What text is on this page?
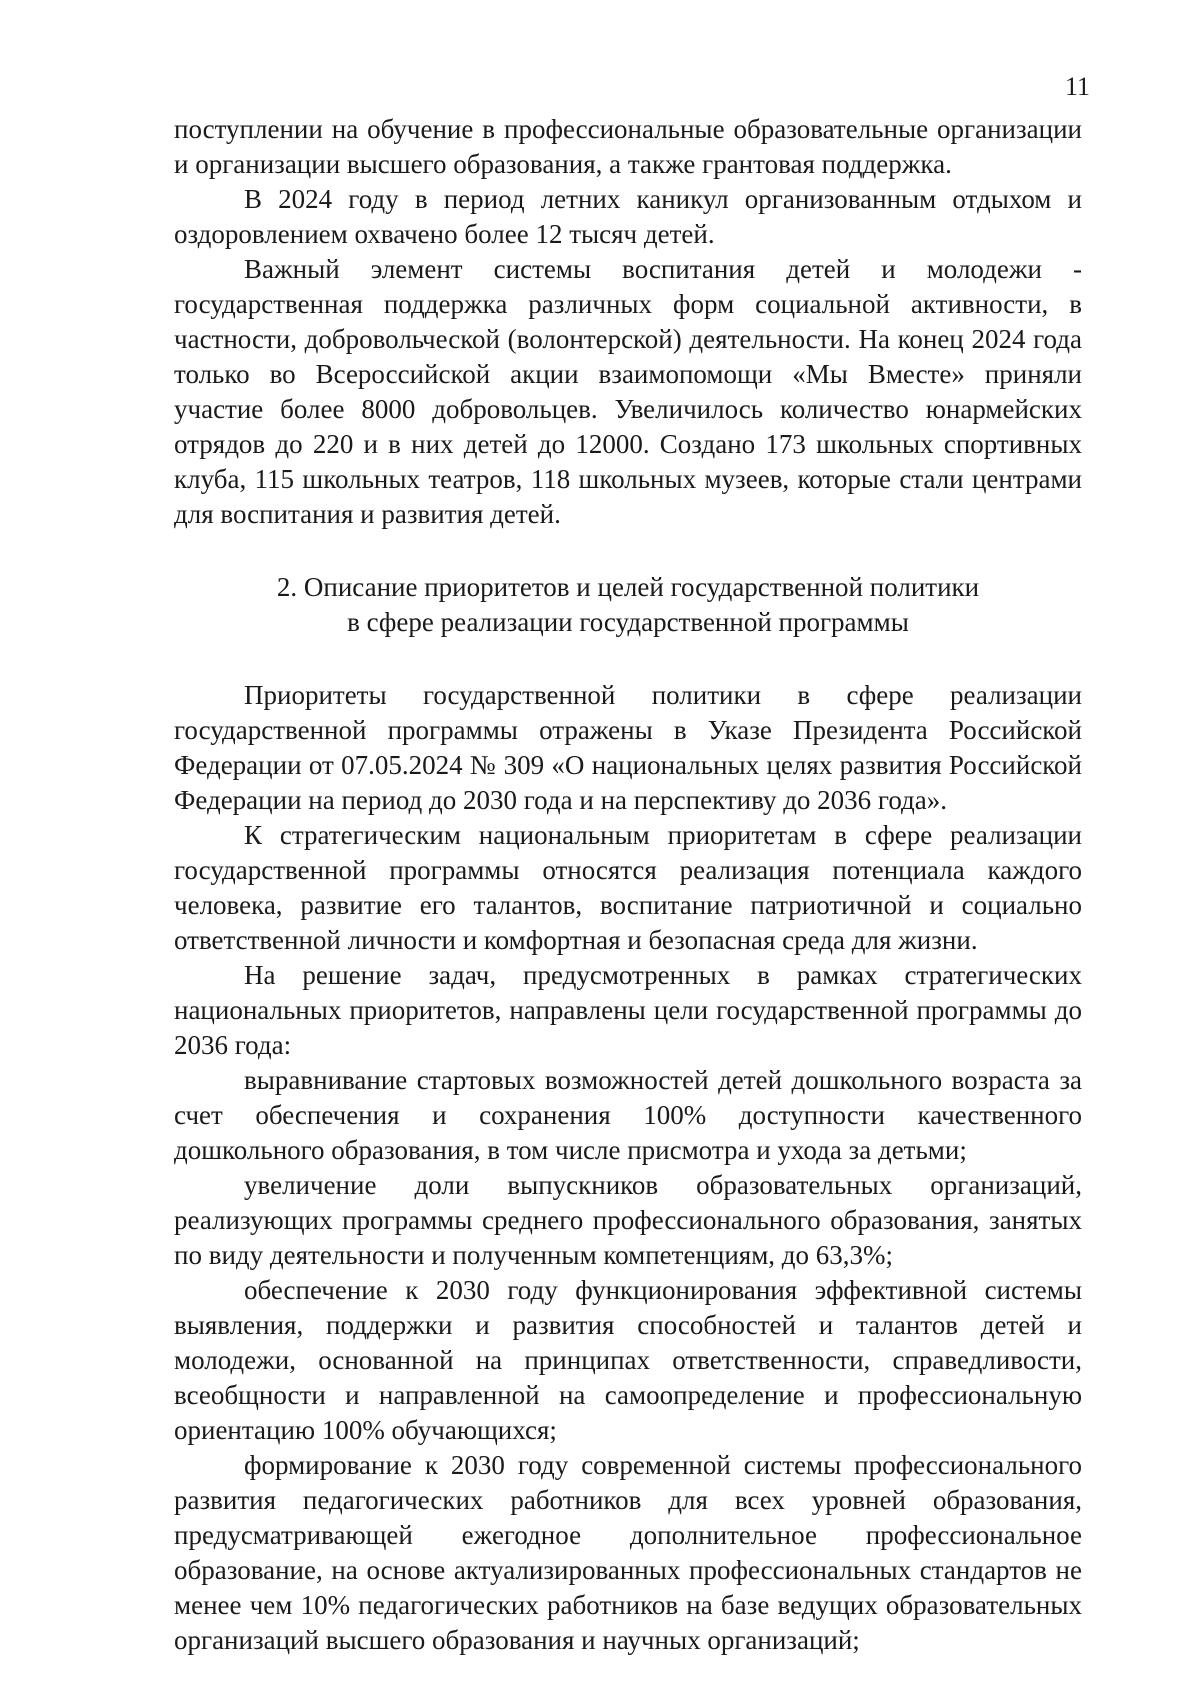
11

поступлении на обучение в профессиональные образовательные организации и организации высшего образования, а также грантовая поддержка.

В 2024 году в период летних каникул организованным отдыхом и оздоровлением охвачено более 12 тысяч детей.

Важный элемент системы воспитания детей и молодежи - государственная поддержка различных форм социальной активности, в частности, добровольческой (волонтерской) деятельности. На конец 2024 года только во Всероссийской акции взаимопомощи «Мы Вместе» приняли участие более 8000 добровольцев. Увеличилось количество юнармейских отрядов до 220 и в них детей до 12000. Создано 173 школьных спортивных клуба, 115 школьных театров, 118 школьных музеев, которые стали центрами для воспитания и развития детей.

2. Описание приоритетов и целей государственной политики
в сфере реализации государственной программы

Приоритеты государственной политики в сфере реализации государственной программы отражены в Указе Президента Российской Федерации от 07.05.2024 № 309 «О национальных целях развития Российской Федерации на период до 2030 года и на перспективу до 2036 года».

К стратегическим национальным приоритетам в сфере реализации государственной программы относятся реализация потенциала каждого человека, развитие его талантов, воспитание патриотичной и социально ответственной личности и комфортная и безопасная среда для жизни.

На решение задач, предусмотренных в рамках стратегических национальных приоритетов, направлены цели государственной программы до 2036 года:

выравнивание стартовых возможностей детей дошкольного возраста за счет обеспечения и сохранения 100% доступности качественного дошкольного образования, в том числе присмотра и ухода за детьми;

увеличение доли выпускников образовательных организаций, реализующих программы среднего профессионального образования, занятых по виду деятельности и полученным компетенциям, до 63,3%;

обеспечение к 2030 году функционирования эффективной системы выявления, поддержки и развития способностей и талантов детей и молодежи, основанной на принципах ответственности, справедливости, всеобщности и направленной на самоопределение и профессиональную ориентацию 100% обучающихся;

формирование к 2030 году современной системы профессионального развития педагогических работников для всех уровней образования, предусматривающей ежегодное дополнительное профессиональное образование, на основе актуализированных профессиональных стандартов не менее чем 10% педагогических работников на базе ведущих образовательных организаций высшего образования и научных организаций;
